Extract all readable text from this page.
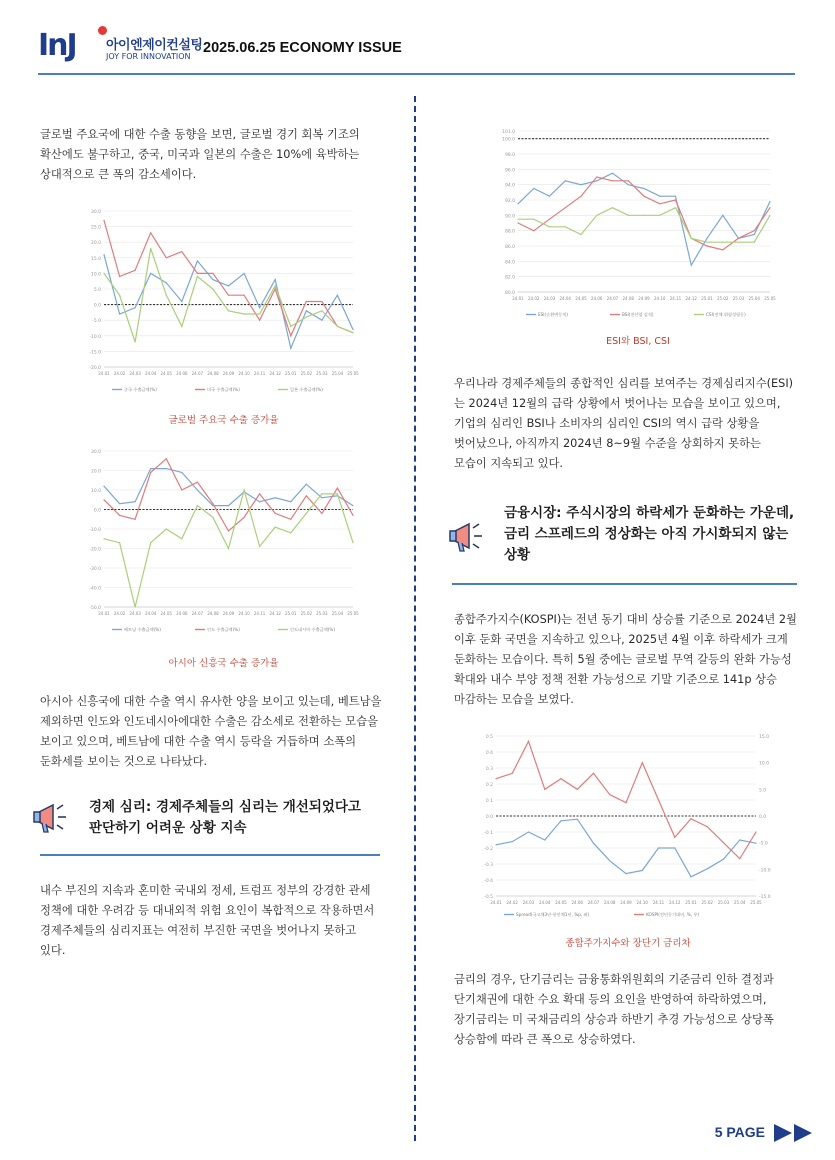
InJ 아이엔제이컨설팅
JOY FOR INNOVATION
2025.06.25 ECONOMY ISSUE

글로벌 주요국에 대한 수출 동향을 보면, 글로벌 경기 회복 기조의 확산에도 불구하고, 중국, 미국과 일본의 수출은 10%에 육박하는 상대적으로 큰 폭의 감소세이다.

30.0
25.0
20.0
15.0
10.0
5.0
0.0
-5.0
-10.0
-15.0
-20.0
24.01 24.02 24.03 24.04 24.05 24.06 24.07 24.08 24.09 24.10 24.11 24.12 25.01 25.02 25.03 25.04 25.05
중국 수출금액(%)	미국 수출금액(%)	일본 수출금액(%)
글로벌 주요국 수출 증가율
30.0
20.0
10.0
0.0
-10.0
-20.0
-30.0
-40.0
-50.0
24.01 24.02 24.03 24.04 24.05 24.06 24.07 24.08 24.09 24.10 24.11 24.12 25.01 25.02 25.03 25.04 25.05
베트남 수출금액(%)	인도 수출금액(%)	인도네시아 수출금액(%)
아시아 신흥국 수출 증가율

아시아 신흥국에 대한 수출 역시 유사한 양을 보이고 있는데, 베트남을 제외하면 인도와 인도네시아에대한 수출은 감소세로 전환하는 모습을 보이고 있으며, 베트남에 대한 수출 역시 등락을 거듭하며 소폭의 둔화세를 보이는 것으로 나타났다.

경제 심리: 경제주체들의 심리는 개선되었다고 판단하기 어려운 상황 지속

내수 부진의 지속과 혼미한 국내외 정세, 트럼프 정부의 강경한 관세 정책에 대한 우려감 등 대내외적 위험 요인이 복합적으로 작용하면서 경제주체들의 심리지표는 여전히 부진한 국면을 벗어나지 못하고 있다.

101.0
100.0
98.0
96.0
94.0
92.0
90.0
88.0
86.0
84.0
82.0
80.0
24.01 24.02 24.03 24.04 24.05 24.06 24.07 24.08 24.09 24.10 24.11 24.12 25.01 25.02 25.03 25.04 25.05
ESI(순환변동치)	BSI(전산업 실적)	CSI(전체 위험성평동)
ESI와 BSI, CSI

우리나라 경제주체들의 종합적인 심리를 보여주는 경제심리지수(ESI)는 2024년 12월의 급락 상황에서 벗어나는 모습을 보이고 있으며, 기업의 심리인 BSI나 소비자의 심리인 CSI의 역시 급락 상황을 벗어났으나, 아직까지 2024년 8~9월 수준을 상회하지 못하는 모습이 지속되고 있다.

금융시장: 주식시장의 하락세가 둔화하는 가운데, 금리 스프레드의 정상화는 아직 가시화되지 않는 상황

종합주가지수(KOSPI)는 전년 동기 대비 상승률 기준으로 2024년 2월 이후 둔화 국면을 지속하고 있으나, 2025년 4월 이후 하락세가 크게 둔화하는 모습이다. 특히 5월 중에는 글로벌 무역 갈등의 완화 가능성 확대와 내수 부양 정책 전환 가능성으로 기말 기준으로 141p 상승 마감하는 모습을 보였다.

0.5
0.4
0.3
0.2
0.1
0.0
-0.1
-0.2
-0.3
-0.4
-0.5
15.0
10.0
5.0
0.0
-5.0
-10.0
-15.0
24.01 24.02 24.03 24.04 24.05 24.06 24.07 24.08 24.09 24.10 24.11 24.12 25.01 25.02 25.03 25.04 25.05
Spread(국고채3년-통안채1년, %p, 좌)	KOSPI(전년동기대비, %, 우)
종합주가지수와 장단기 금리차

금리의 경우, 단기금리는 금융통화위원회의 기준금리 인하 결정과 단기채권에 대한 수요 확대 등의 요인을 반영하여 하락하였으며, 장기금리는 미 국채금리의 상승과 하반기 추경 가능성으로 상당폭 상승함에 따라 큰 폭으로 상승하였다.

5 PAGE
